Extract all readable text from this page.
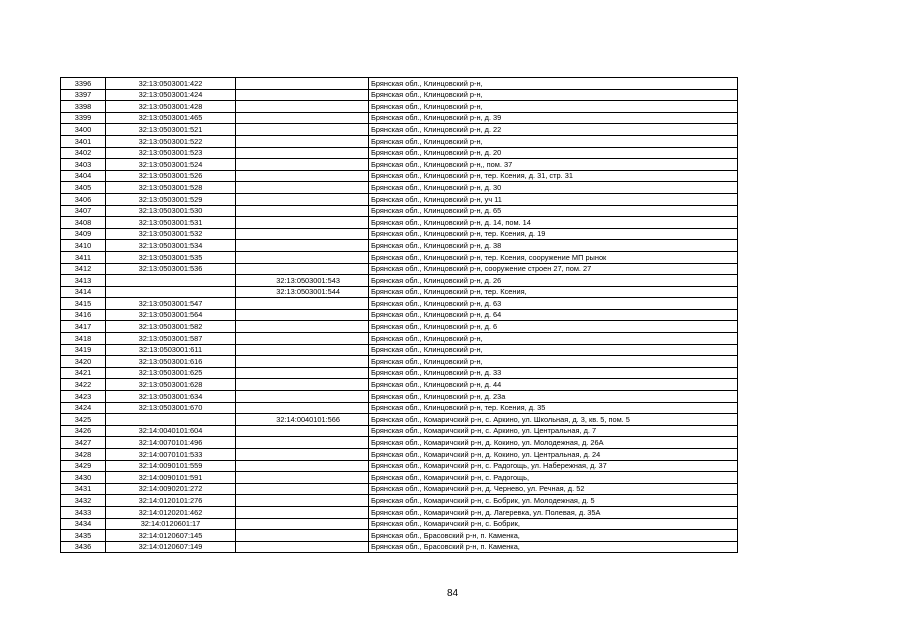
3396	32:13:0503001:422		Брянская обл., Клинцовский р-н,
3397	32:13:0503001:424		Брянская обл., Клинцовский р-н,
3398	32:13:0503001:428		Брянская обл., Клинцовский р-н,
3399	32:13:0503001:465		Брянская обл., Клинцовский р-н, д. 39
3400	32:13:0503001:521		Брянская обл., Клинцовский р-н, д. 22
3401	32:13:0503001:522		Брянская обл., Клинцовский р-н,
3402	32:13:0503001:523		Брянская обл., Клинцовский р-н, д. 20
3403	32:13:0503001:524		Брянская обл., Клинцовский р-н,, пом. 37
3404	32:13:0503001:526		Брянская обл., Клинцовский р-н, тер. Ксения, д. 31, стр. 31
3405	32:13:0503001:528		Брянская обл., Клинцовский р-н, д. 30
3406	32:13:0503001:529		Брянская обл., Клинцовский р-н, уч 11
3407	32:13:0503001:530		Брянская обл., Клинцовский р-н, д. 65
3408	32:13:0503001:531		Брянская обл., Клинцовский р-н, д. 14, пом. 14
3409	32:13:0503001:532		Брянская обл., Клинцовский р-н, тер. Ксения, д. 19
3410	32:13:0503001:534		Брянская обл., Клинцовский р-н, д. 38
3411	32:13:0503001:535		Брянская обл., Клинцовский р-н, тер. Ксения, сооружение МП рынок
3412	32:13:0503001:536		Брянская обл., Клинцовский р-н, сооружение строен 27, пом. 27
3413		32:13:0503001:543	Брянская обл., Клинцовский р-н, д. 26
3414		32:13:0503001:544	Брянская обл., Клинцовский р-н, тер. Ксения,
3415	32:13:0503001:547		Брянская обл., Клинцовский р-н, д. 63
3416	32:13:0503001:564		Брянская обл., Клинцовский р-н, д. 64
3417	32:13:0503001:582		Брянская обл., Клинцовский р-н, д. 6
3418	32:13:0503001:587		Брянская обл., Клинцовский р-н,
3419	32:13:0503001:611		Брянская обл., Клинцовский р-н,
3420	32:13:0503001:616		Брянская обл., Клинцовский р-н,
3421	32:13:0503001:625		Брянская обл., Клинцовский р-н, д. 33
3422	32:13:0503001:628		Брянская обл., Клинцовский р-н, д. 44
3423	32:13:0503001:634		Брянская обл., Клинцовский р-н, д. 23а
3424	32:13:0503001:670		Брянская обл., Клинцовский р-н, тер. Ксения, д. 35
3425		32:14:0040101:566	Брянская обл., Комаричский р-н, с. Аркино, ул. Школьная, д. 3, кв. 5, пом. 5
3426	32:14:0040101:604		Брянская обл., Комаричский р-н, с. Аркино, ул. Центральная, д. 7
3427	32:14:0070101:496		Брянская обл., Комаричский р-н, д. Кокино, ул. Молодежная, д. 26А
3428	32:14:0070101:533		Брянская обл., Комаричский р-н, д. Кокино, ул. Центральная, д. 24
3429	32:14:0090101:559		Брянская обл., Комаричский р-н, с. Радогощь, ул. Набережная, д. 37
3430	32:14:0090101:591		Брянская обл., Комаричский р-н, с. Радогощь,
3431	32:14:0090201:272		Брянская обл., Комаричский р-н, д. Чернево, ул. Речная, д. 52
3432	32:14:0120101:276		Брянская обл., Комаричский р-н, с. Бобрик, ул. Молодежная, д. 5
3433	32:14:0120201:462		Брянская обл., Комаричский р-н, д. Лагеревка, ул. Полевая, д. 35А
3434	32:14:0120601:17		Брянская обл., Комаричский р-н, с. Бобрик,
3435	32:14:0120607:145		Брянская обл., Брасовский р-н, п. Каменка,
3436	32:14:0120607:149		Брянская обл., Брасовский р-н, п. Каменка,
84
